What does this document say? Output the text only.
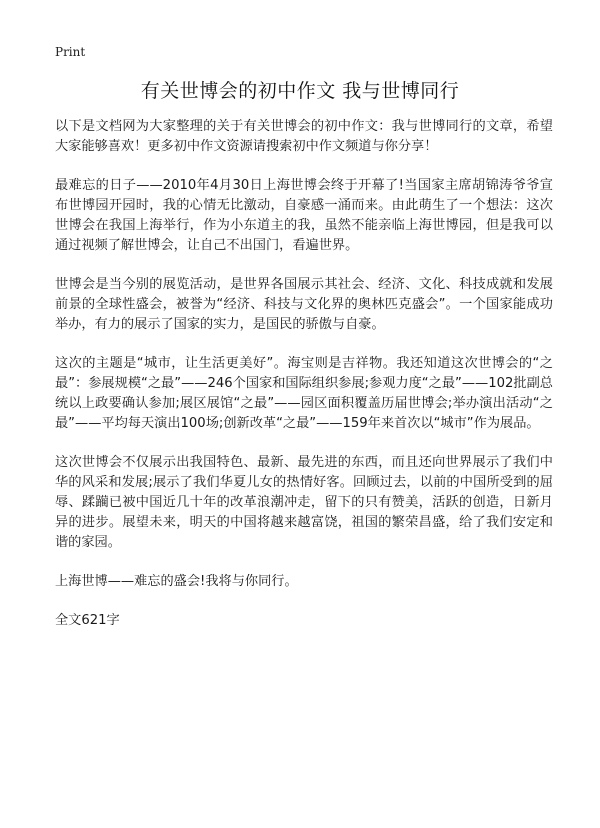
Print
有关世博会的初中作文 我与世博同行

以下是文档网为大家整理的关于有关世博会的初中作文：我与世博同行的文章，希望大家能够喜欢！更多初中作文资源请搜索初中作文频道与你分享！

最难忘的日子——2010年4月30日上海世博会终于开幕了!当国家主席胡锦涛爷爷宣布世博园开园时，我的心情无比激动，自豪感一涌而来。由此萌生了一个想法：这次世博会在我国上海举行，作为小东道主的我，虽然不能亲临上海世博园，但是我可以通过视频了解世博会，让自己不出国门，看遍世界。

世博会是当今别的展览活动，是世界各国展示其社会、经济、文化、科技成就和发展前景的全球性盛会，被誉为“经济、科技与文化界的奥林匹克盛会”。一个国家能成功举办，有力的展示了国家的实力，是国民的骄傲与自豪。

这次的主题是“城市，让生活更美好”。海宝则是吉祥物。我还知道这次世博会的“之最”：参展规模“之最”——246个国家和国际组织参展;参观力度“之最”——102批副总统以上政要确认参加;展区展馆“之最”——园区面积覆盖历届世博会;举办演出活动“之最”——平均每天演出100场;创新改革“之最”——159年来首次以“城市”作为展品。

这次世博会不仅展示出我国特色、最新、最先进的东西，而且还向世界展示了我们中华的风采和发展;展示了我们华夏儿女的热情好客。回顾过去，以前的中国所受到的屈辱、蹂躏已被中国近几十年的改革浪潮冲走，留下的只有赞美，活跃的创造，日新月异的进步。展望未来，明天的中国将越来越富饶，祖国的繁荣昌盛，给了我们安定和谐的家园。

上海世博——难忘的盛会!我将与你同行。

全文621字
